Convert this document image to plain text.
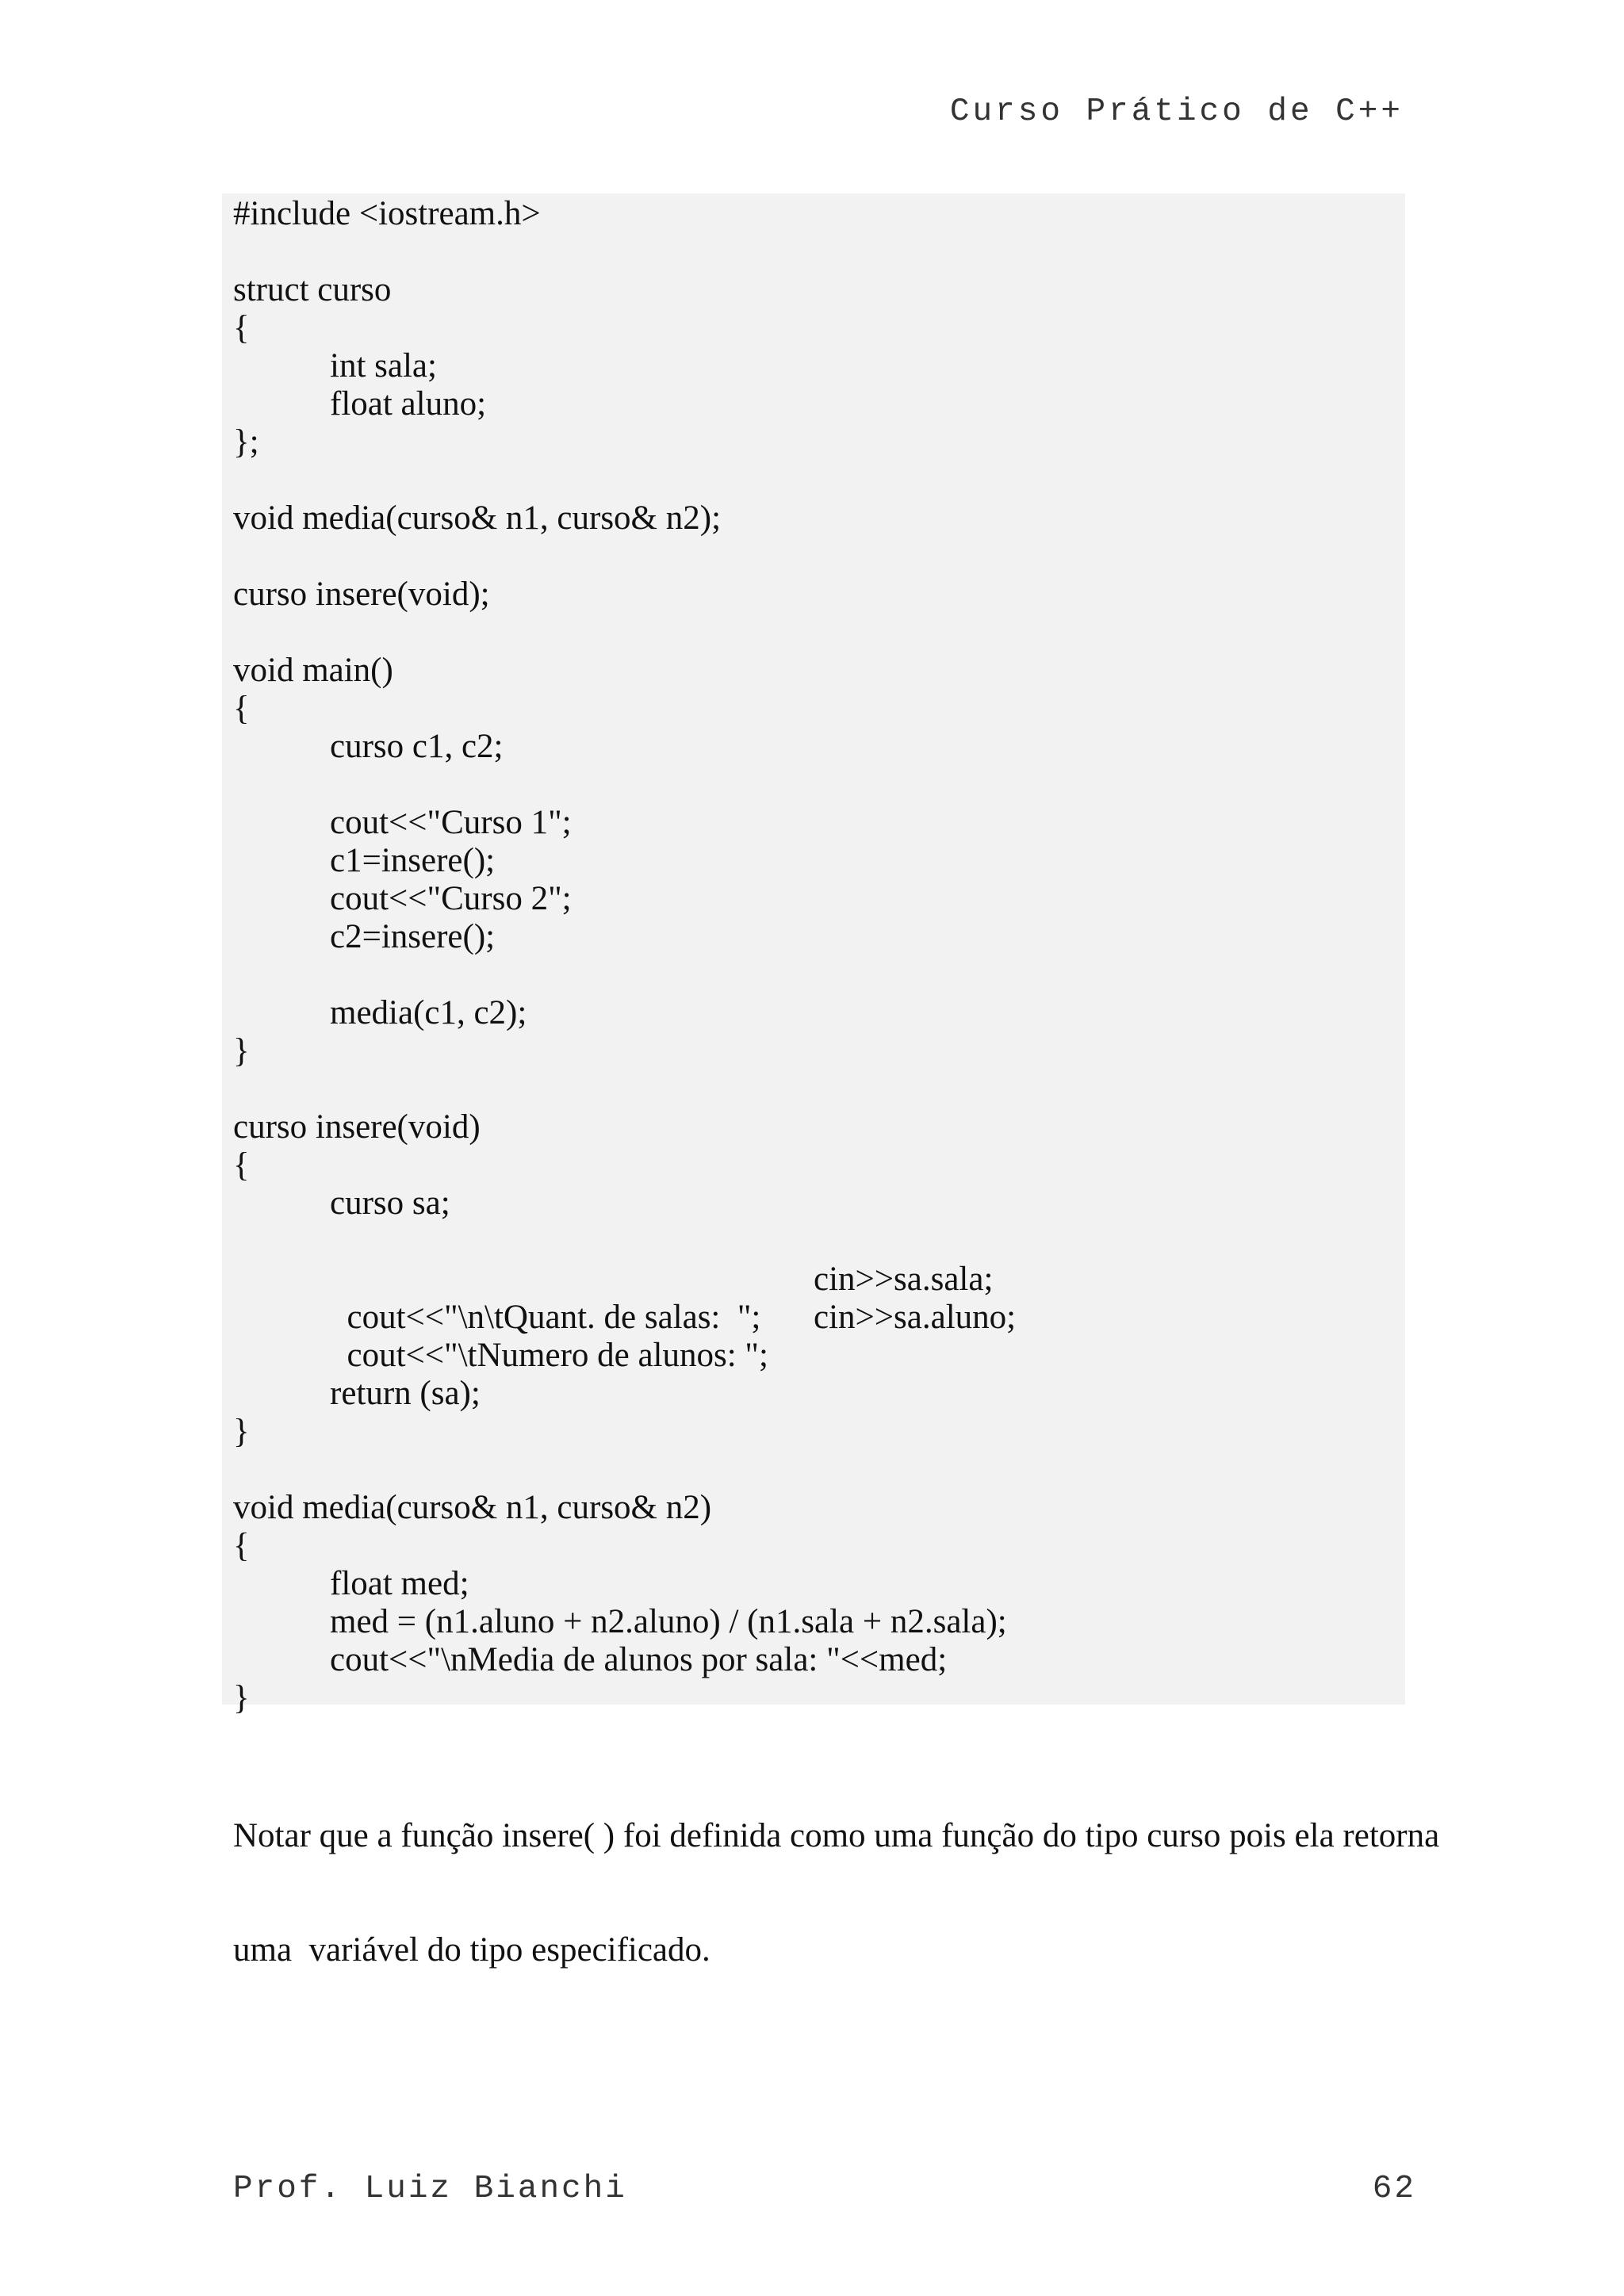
Curso Prático de C++
#include <iostream.h>
struct curso
{
int sala;
float aluno;
};
void media(curso& n1, curso& n2);
curso insere(void);
void main()
{
curso c1, c2;
cout<<"Curso 1";
c1=insere();
cout<<"Curso 2";
c2=insere();
media(c1, c2);
}
curso insere(void)
{
curso sa;

cout<<"\n\tQuant. de salas:  ";

cin>>sa.sala;

cout<<"\tNumero de alunos: ";

cin>>sa.aluno;

return (sa);
}
void media(curso& n1, curso& n2)
{
float med;
med = (n1.aluno + n2.aluno) / (n1.sala + n2.sala);
cout<<"\nMedia de alunos por sala: "<<med;
}

Notar que a função insere( ) foi definida como uma função do tipo curso pois ela retorna

uma  variável do tipo especificado.

Prof. Luiz Bianchi	62
